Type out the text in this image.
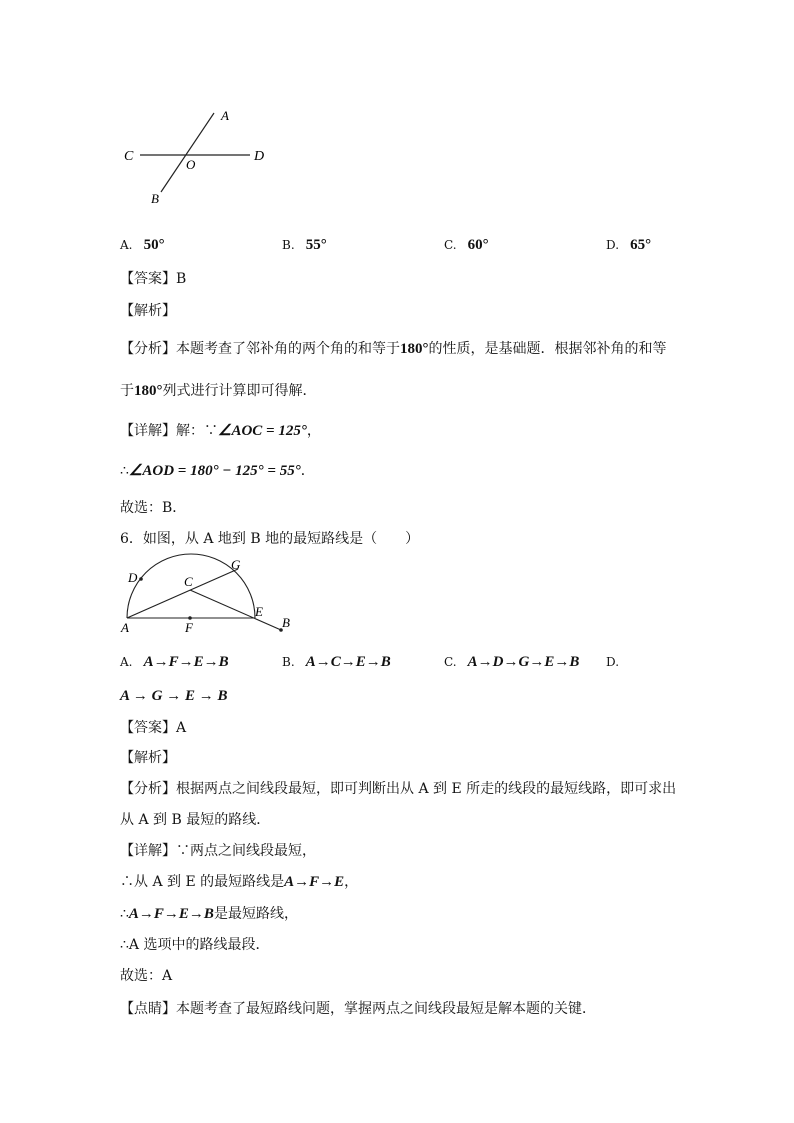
A
C	D
O
B
A. 50°	B. 55°	C. 60°	D. 65°
【答案】B
【解析】
【分析】本题考查了邻补角的两个角的和等于180°的性质，是基础题．根据邻补角的和等
于180°列式进行计算即可得解．
【详解】解：∵∠AOC = 125°，
∴∠AOD = 180° − 125° = 55°．
故选：B．
6．如图，从 A 地到 B 地的最短路线是（　　）
D	C
G
E
A	F	B
A. A→F→E→B	B. A→C→E→B	C. A→D→G→E→B D.
A → G → E → B
【答案】A
【解析】
【分析】根据两点之间线段最短，即可判断出从 A 到 E 所走的线段的最短线路，即可求出
从 A 到 B 最短的路线．
【详解】∵两点之间线段最短，
∴从 A 到 E 的最短路线是A→F→E，
∴A→F→E→B是最短路线，
∴A 选项中的路线最段．
故选：A
【点睛】本题考查了最短路线问题，掌握两点之间线段最短是解本题的关键．
